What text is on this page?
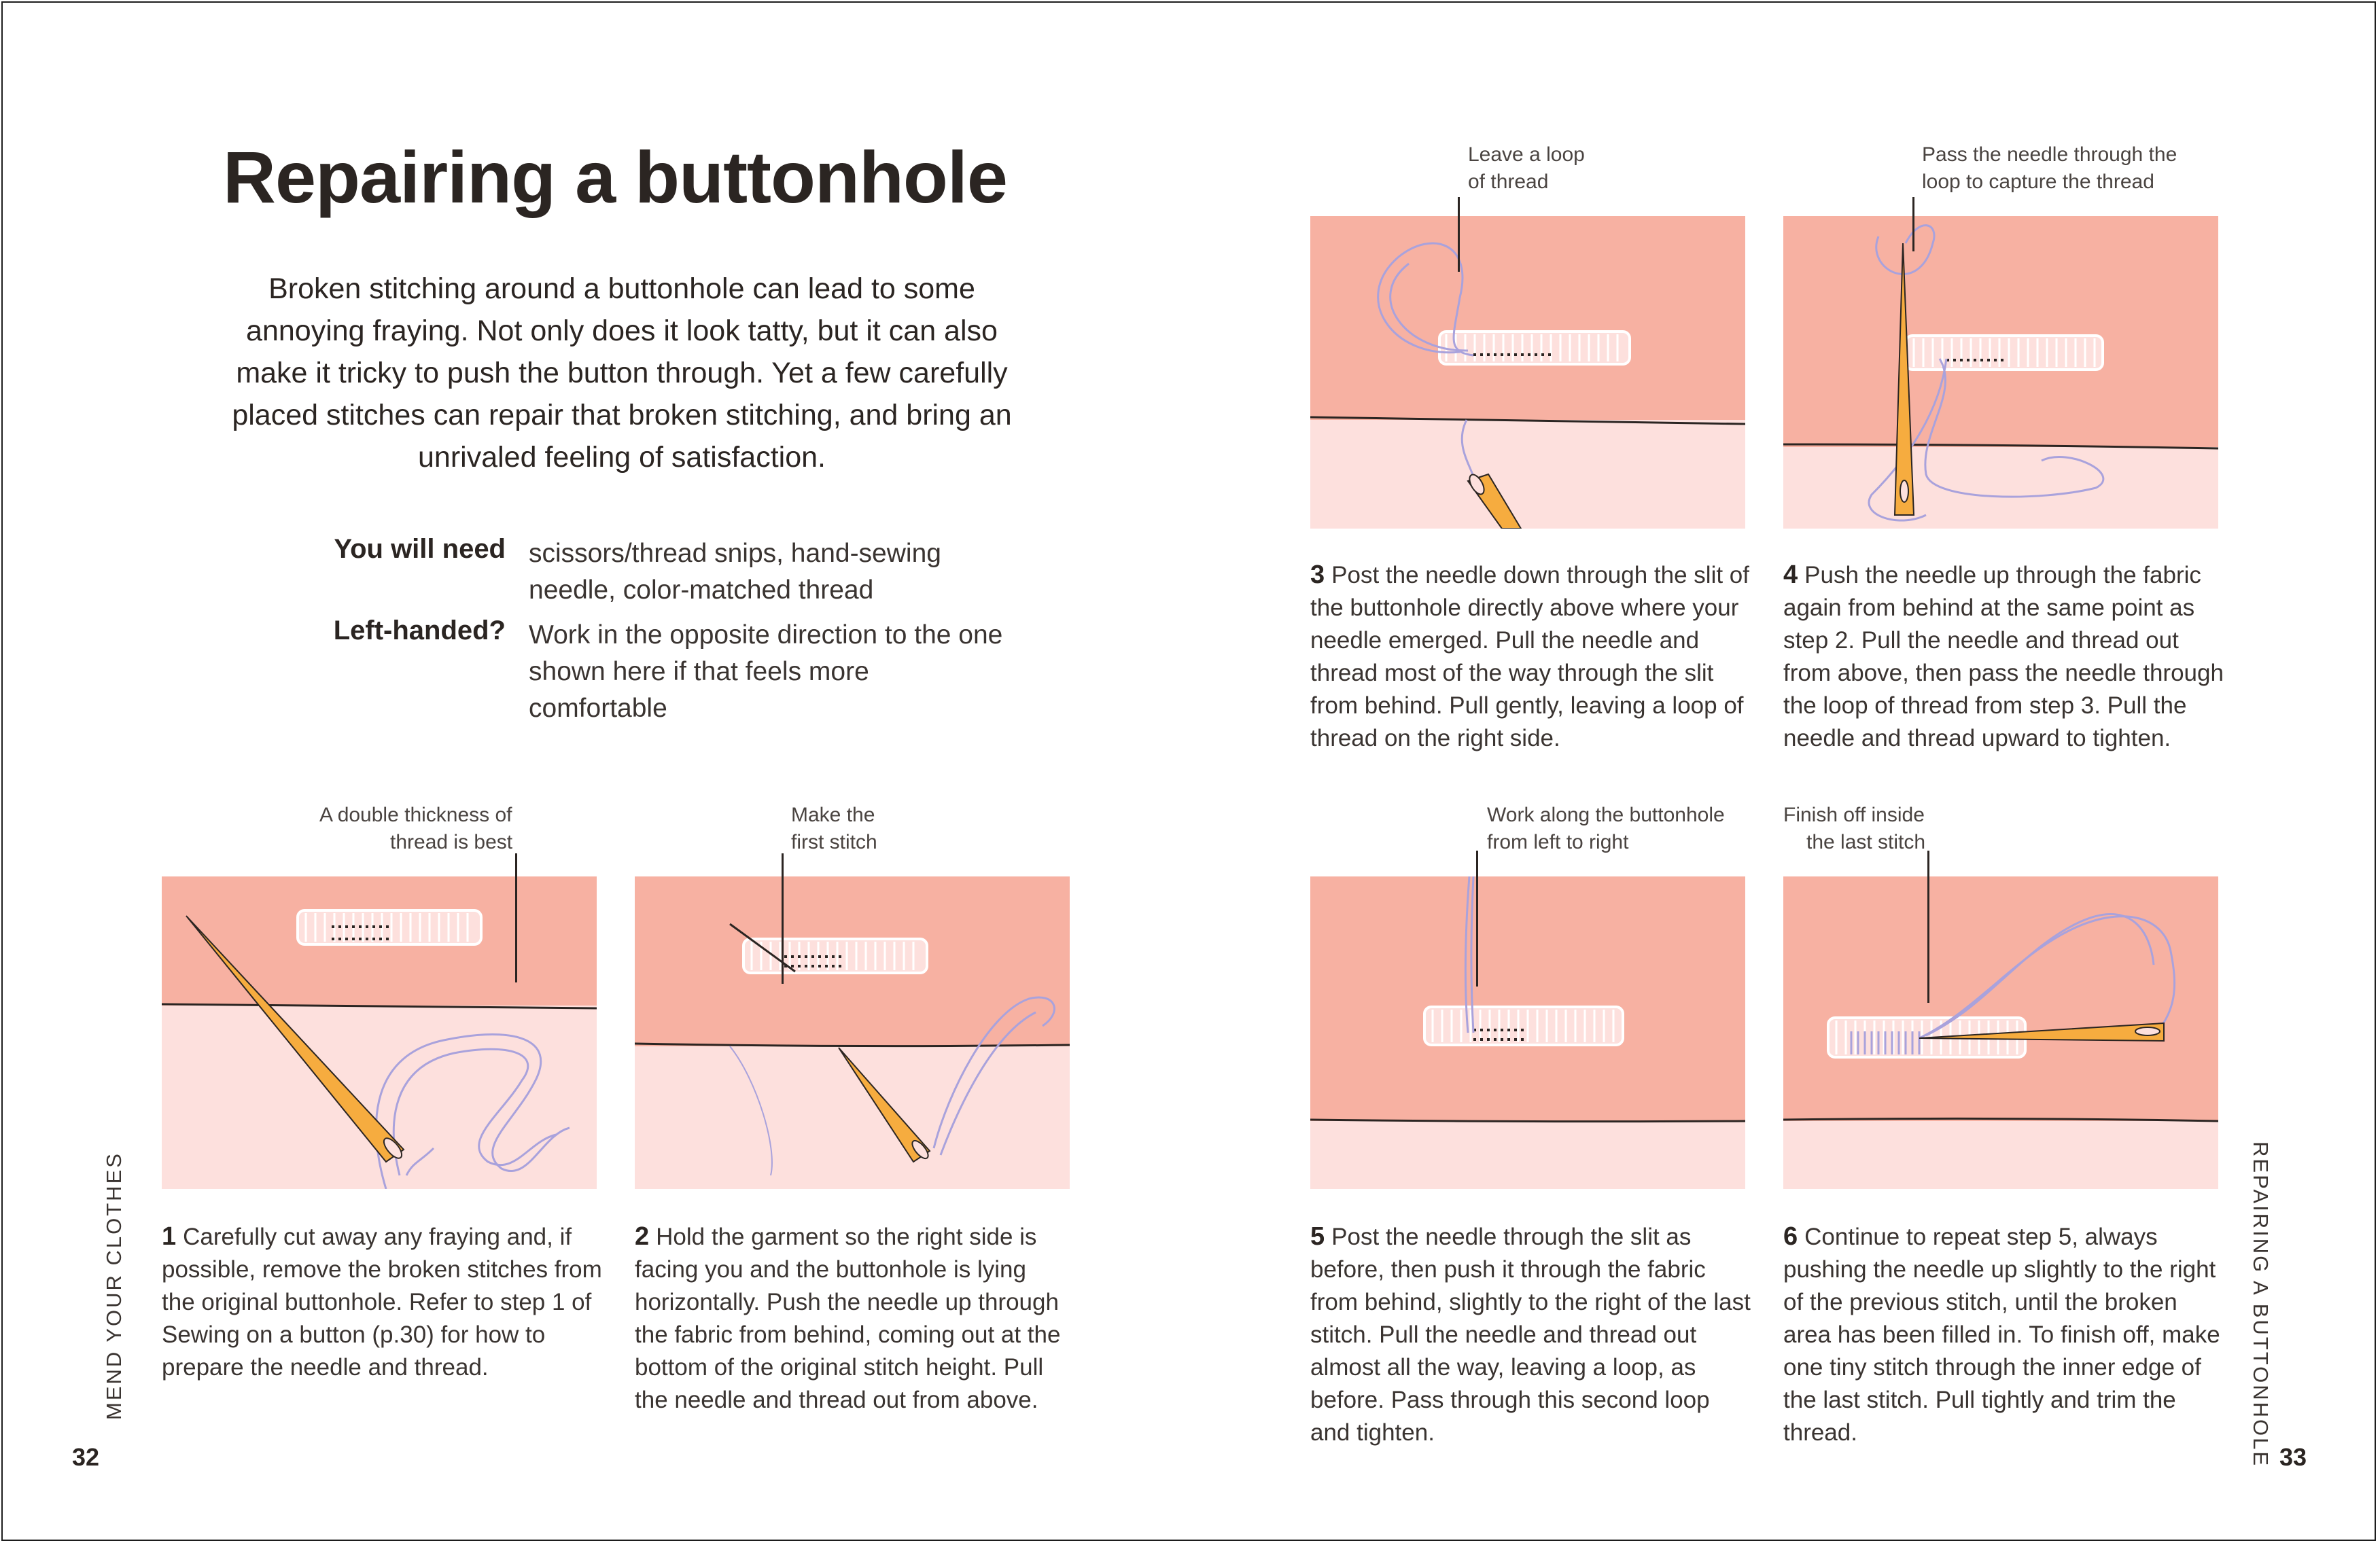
Repairing a buttonhole
Broken stitching around a buttonhole can lead to some annoying fraying. Not only does it look tatty, but it can also make it tricky to push the button through. Yet a few carefully placed stitches can repair that broken stitching, and bring an unrivaled feeling of satisfaction.
You will need scissors/thread snips, hand-sewing
needle, color-matched thread
Left-handed? Work in the opposite direction to the one
shown here if that feels more comfortable
Leave a loop
of thread
3 Post the needle down through the slit of the buttonhole directly above where your needle emerged. Pull the needle and thread most of the way through the slit from behind. Pull gently, leaving a loop of thread on the right side.
Pass the needle through the
loop to capture the thread
4 Push the needle up through the fabric again from behind at the same point as step 2. Pull the needle and thread out from above, then pass the needle through the loop of thread from step 3. Pull the needle and thread upward to tighten.
A double thickness of
thread is best
1 Carefully cut away any fraying and, if possible, remove the broken stitches from the original buttonhole. Refer to step 1 of Sewing on a button (p.30) for how to prepare the needle and thread.
Make the
first stitch
2 Hold the garment so the right side is facing you and the buttonhole is lying horizontally. Push the needle up through the fabric from behind, coming out at the bottom of the original stitch height. Pull the needle and thread out from above.
Work along the buttonhole
from left to right
5 Post the needle through the slit as before, then push it through the fabric from behind, slightly to the right of the last stitch. Pull the needle and thread out almost all the way, leaving a loop, as before. Pass through this second loop and tighten.
Finish off inside
the last stitch
6 Continue to repeat step 5, always pushing the needle up slightly to the right of the previous stitch, until the broken area has been filled in. To finish off, make one tiny stitch through the inner edge of the last stitch. Pull tightly and trim the thread.
MEND YOUR CLOTHES	REPAIRING A BUTTONHOLE
32	33
